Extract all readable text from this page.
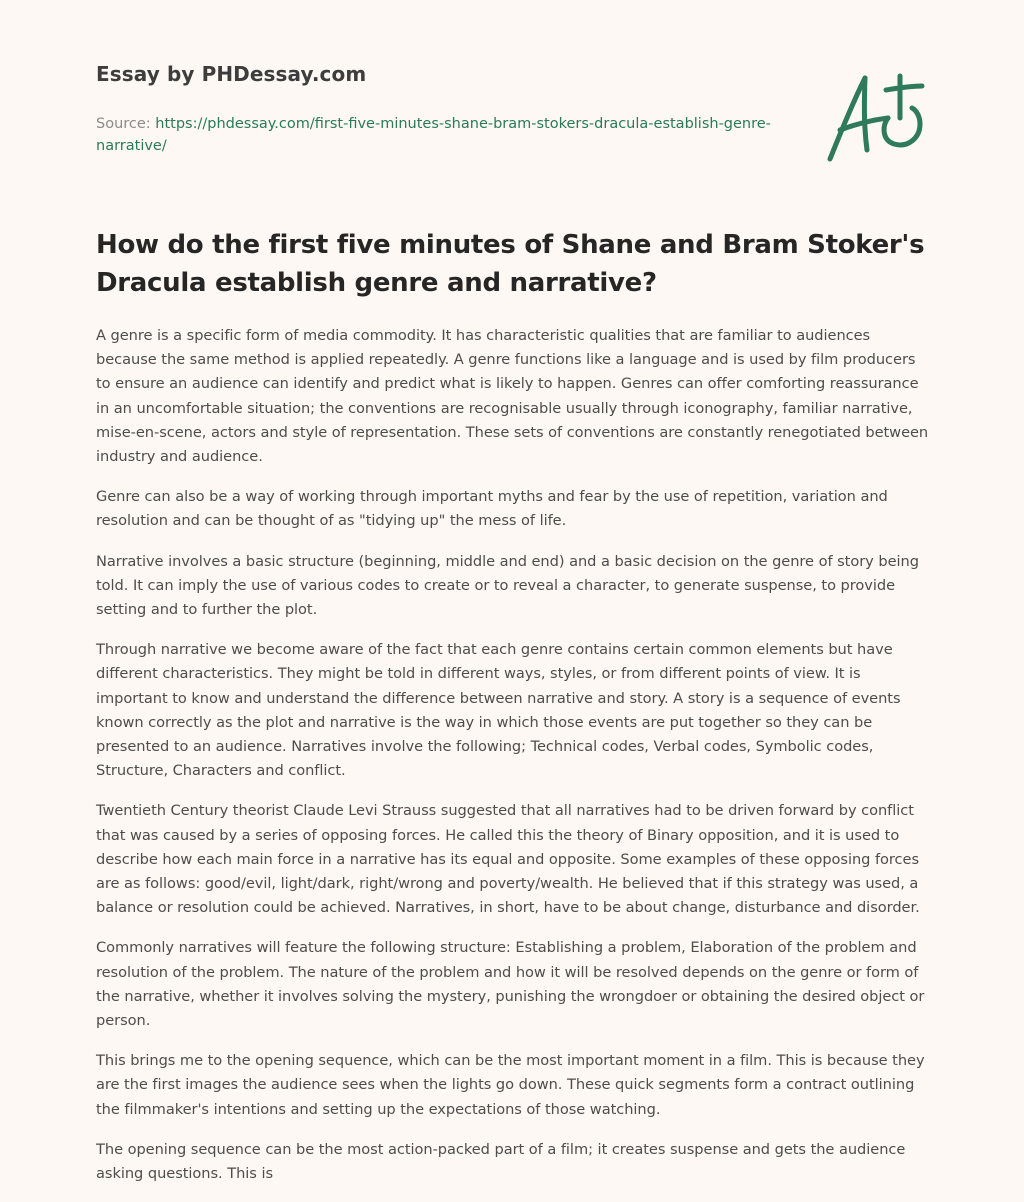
Essay by PHDessay.com
Source: https://phdessay.com/first-five-minutes-shane-bram-stokers-dracula-establish-genre-narrative/
How do the first five minutes of Shane and Bram Stoker's Dracula establish genre and narrative?

A genre is a specific form of media commodity. It has characteristic qualities that are familiar to audiences because the same method is applied repeatedly. A genre functions like a language and is used by film producers to ensure an audience can identify and predict what is likely to happen. Genres can offer comforting reassurance in an uncomfortable situation; the conventions are recognisable usually through iconography, familiar narrative, mise-en-scene, actors and style of representation. These sets of conventions are constantly renegotiated between industry and audience.

Genre can also be a way of working through important myths and fear by the use of repetition, variation and resolution and can be thought of as "tidying up" the mess of life.

Narrative involves a basic structure (beginning, middle and end) and a basic decision on the genre of story being told. It can imply the use of various codes to create or to reveal a character, to generate suspense, to provide setting and to further the plot.

Through narrative we become aware of the fact that each genre contains certain common elements but have different characteristics. They might be told in different ways, styles, or from different points of view. It is important to know and understand the difference between narrative and story. A story is a sequence of events known correctly as the plot and narrative is the way in which those events are put together so they can be presented to an audience. Narratives involve the following; Technical codes, Verbal codes, Symbolic codes, Structure, Characters and conflict.

Twentieth Century theorist Claude Levi Strauss suggested that all narratives had to be driven forward by conflict that was caused by a series of opposing forces. He called this the theory of Binary opposition, and it is used to describe how each main force in a narrative has its equal and opposite. Some examples of these opposing forces are as follows: good/evil, light/dark, right/wrong and poverty/wealth. He believed that if this strategy was used, a balance or resolution could be achieved. Narratives, in short, have to be about change, disturbance and disorder.

Commonly narratives will feature the following structure: Establishing a problem, Elaboration of the problem and resolution of the problem. The nature of the problem and how it will be resolved depends on the genre or form of the narrative, whether it involves solving the mystery, punishing the wrongdoer or obtaining the desired object or person.

This brings me to the opening sequence, which can be the most important moment in a film. This is because they are the first images the audience sees when the lights go down. These quick segments form a contract outlining the filmmaker's intentions and setting up the expectations of those watching.

The opening sequence can be the most action-packed part of a film; it creates suspense and gets the audience asking questions. This is
